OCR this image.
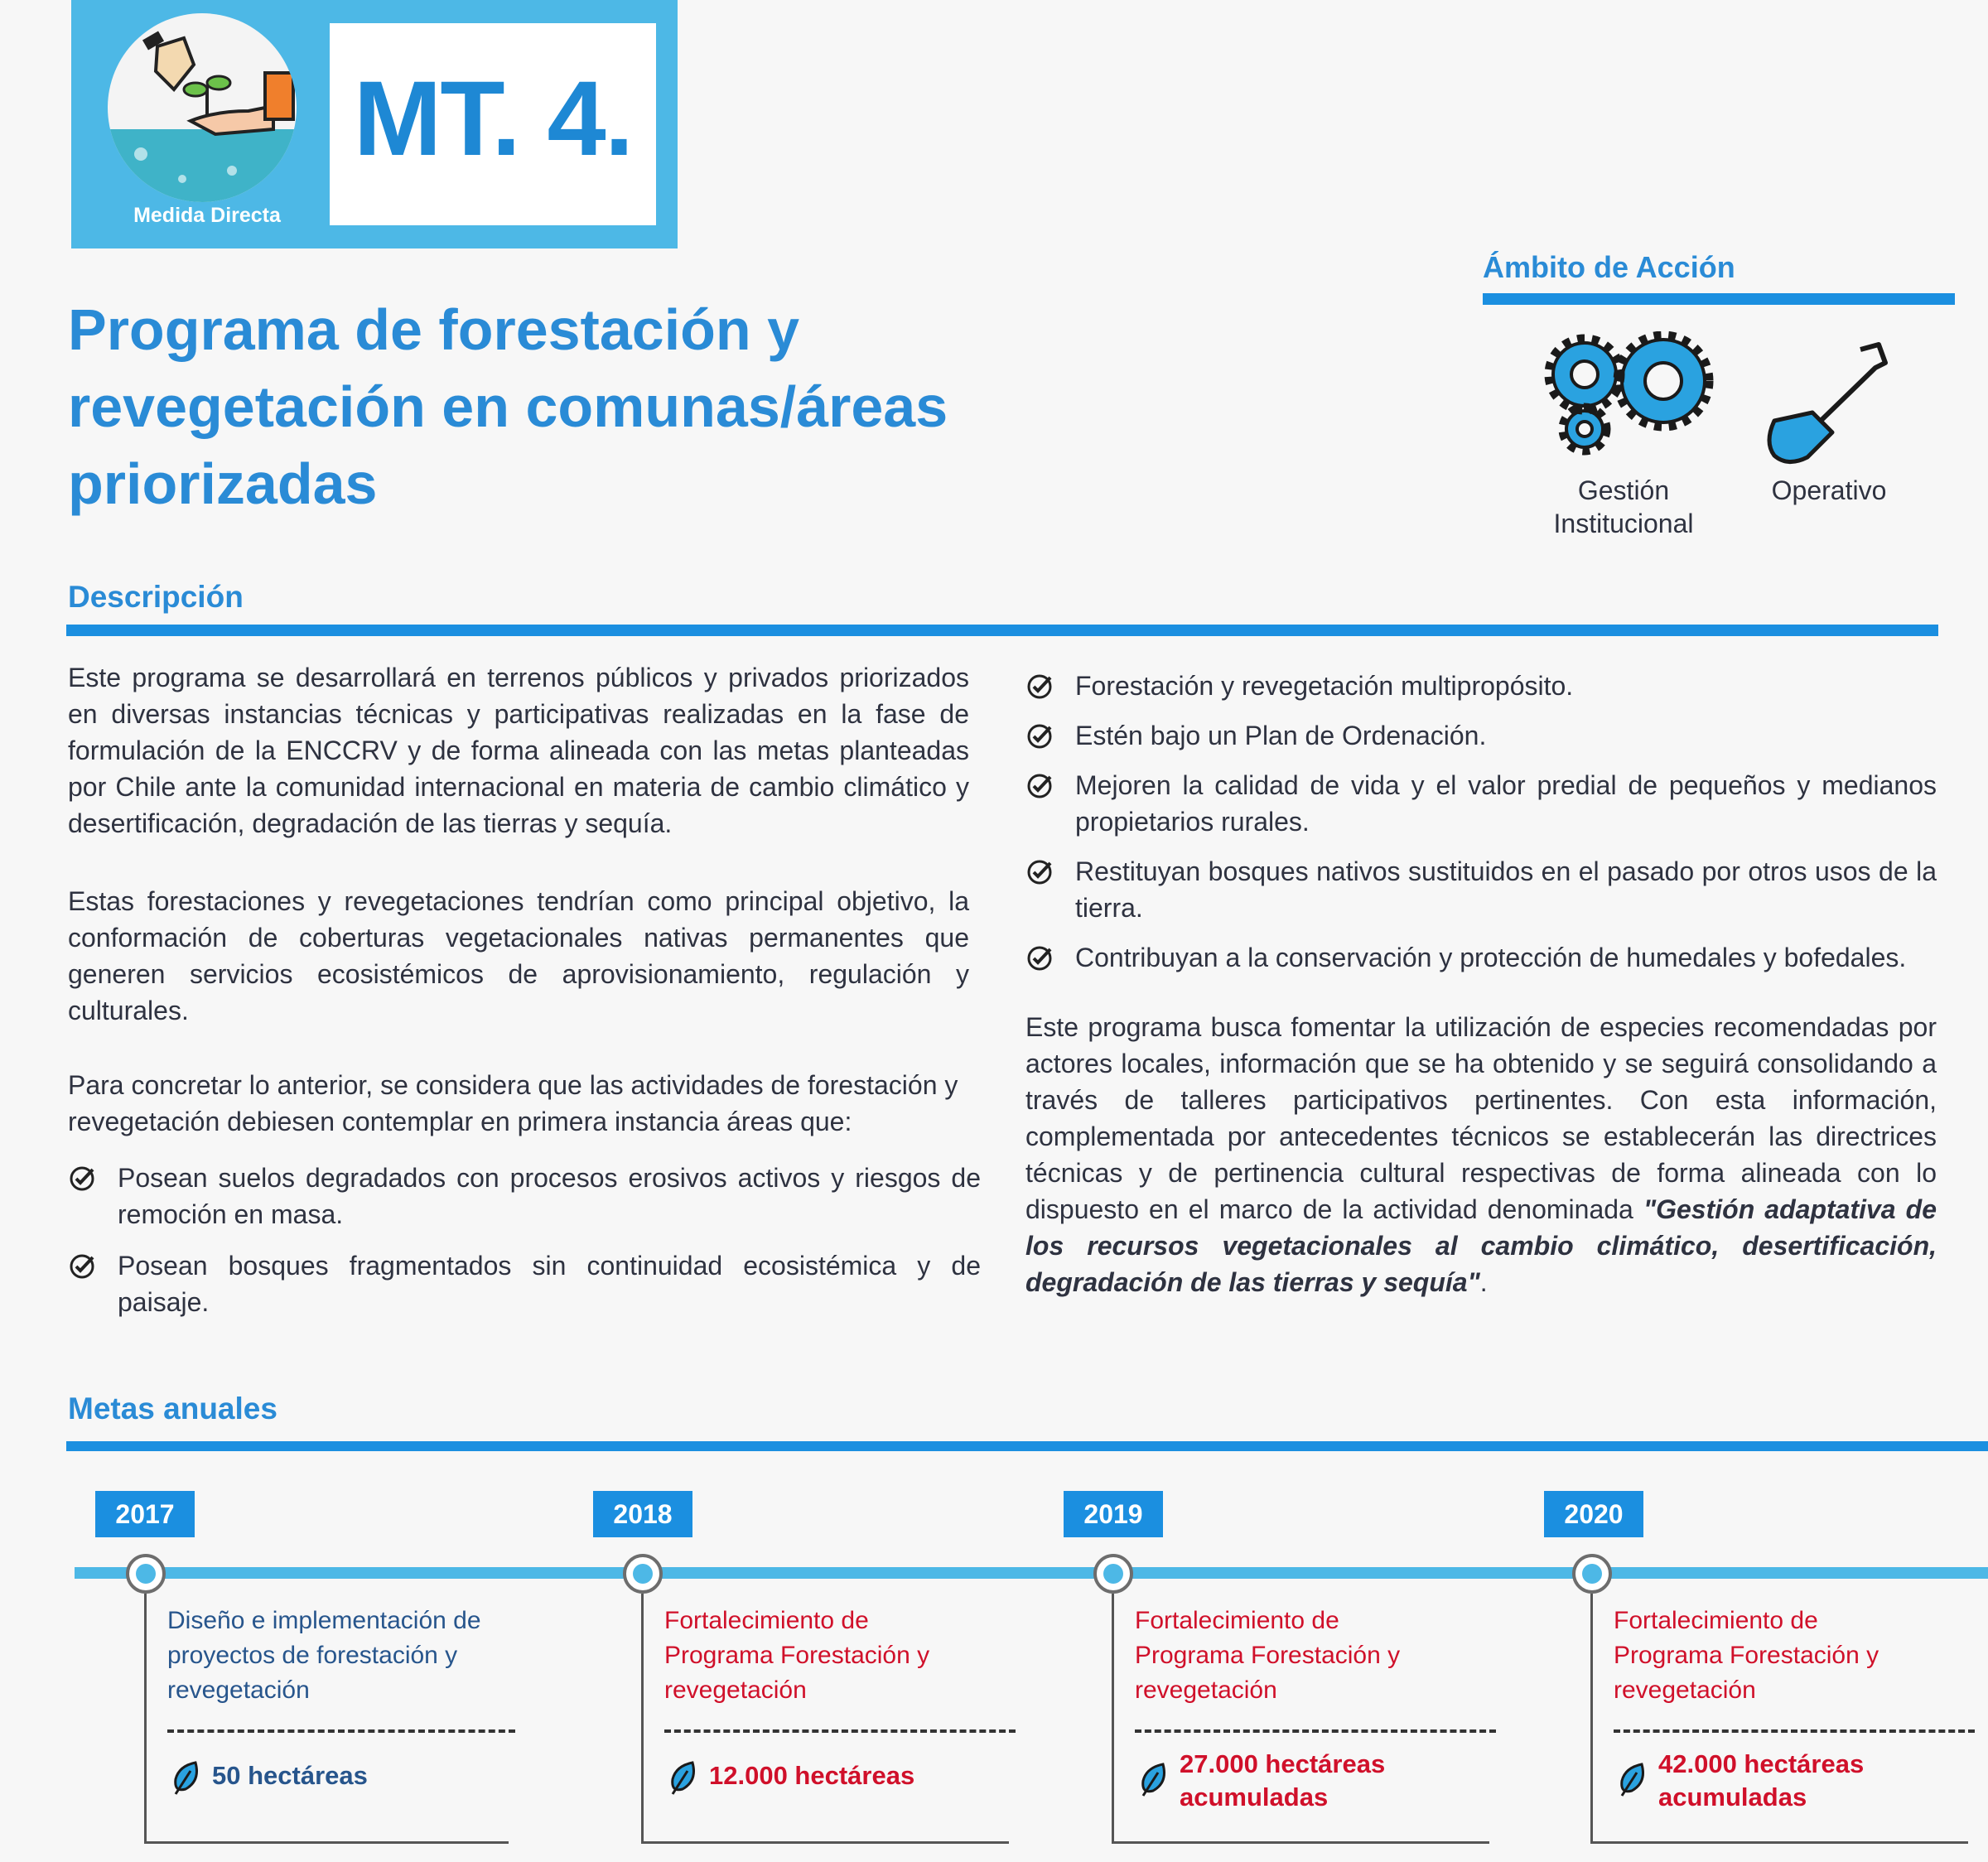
Medida Directa
MT. 4.
Programa de forestación y
revegetación en comunas/áreas
priorizadas
Ámbito de Acción
Gestión
Institucional
Operativo
Descripción

Este programa se desarrollará en terrenos públicos y privados priorizados en diversas instancias técnicas y participativas realizadas en la fase de formulación de la ENCCRV y de forma alineada con las metas planteadas por Chile ante la comunidad internacional en materia de cambio climático y desertificación, degradación de las tierras y sequía.

Estas forestaciones y revegetaciones tendrían como principal objetivo, la conformación de coberturas vegetacionales nativas permanentes que generen servicios ecosistémicos de aprovisionamiento, regulación y culturales.

Para concretar lo anterior, se considera que las actividades de forestación y revegetación debiesen contemplar en primera instancia áreas que:

Posean suelos degradados con procesos erosivos activos y riesgos de remoción en masa.
Posean bosques fragmentados sin continuidad ecosistémica y de paisaje.
Forestación y revegetación multipropósito.
Estén bajo un Plan de Ordenación.
Mejoren la calidad de vida y el valor predial de pequeños y medianos propietarios rurales.
Restituyan bosques nativos sustituidos en el pasado por otros usos de la tierra.
Contribuyan a la conservación y protección de humedales y bofedales.

Este programa busca fomentar la utilización de especies recomendadas por actores locales, información que se ha obtenido y se seguirá consolidando a través de talleres participativos pertinentes. Con esta información, complementada por antecedentes técnicos se establecerán las directrices técnicas y de pertinencia cultural respectivas de forma alineada con lo dispuesto en el marco de la actividad denominada "Gestión adaptativa de los recursos vegetacionales al cambio climático, desertificación, degradación de las tierras y sequía".

Metas anuales
2017
Diseño e implementación de
proyectos de forestación y
revegetación
50 hectáreas
2018
Fortalecimiento de
Programa Forestación y
revegetación
12.000 hectáreas
2019
Fortalecimiento de
Programa Forestación y
revegetación
27.000 hectáreas
acumuladas
2020
Fortalecimiento de
Programa Forestación y
revegetación
42.000 hectáreas
acumuladas
